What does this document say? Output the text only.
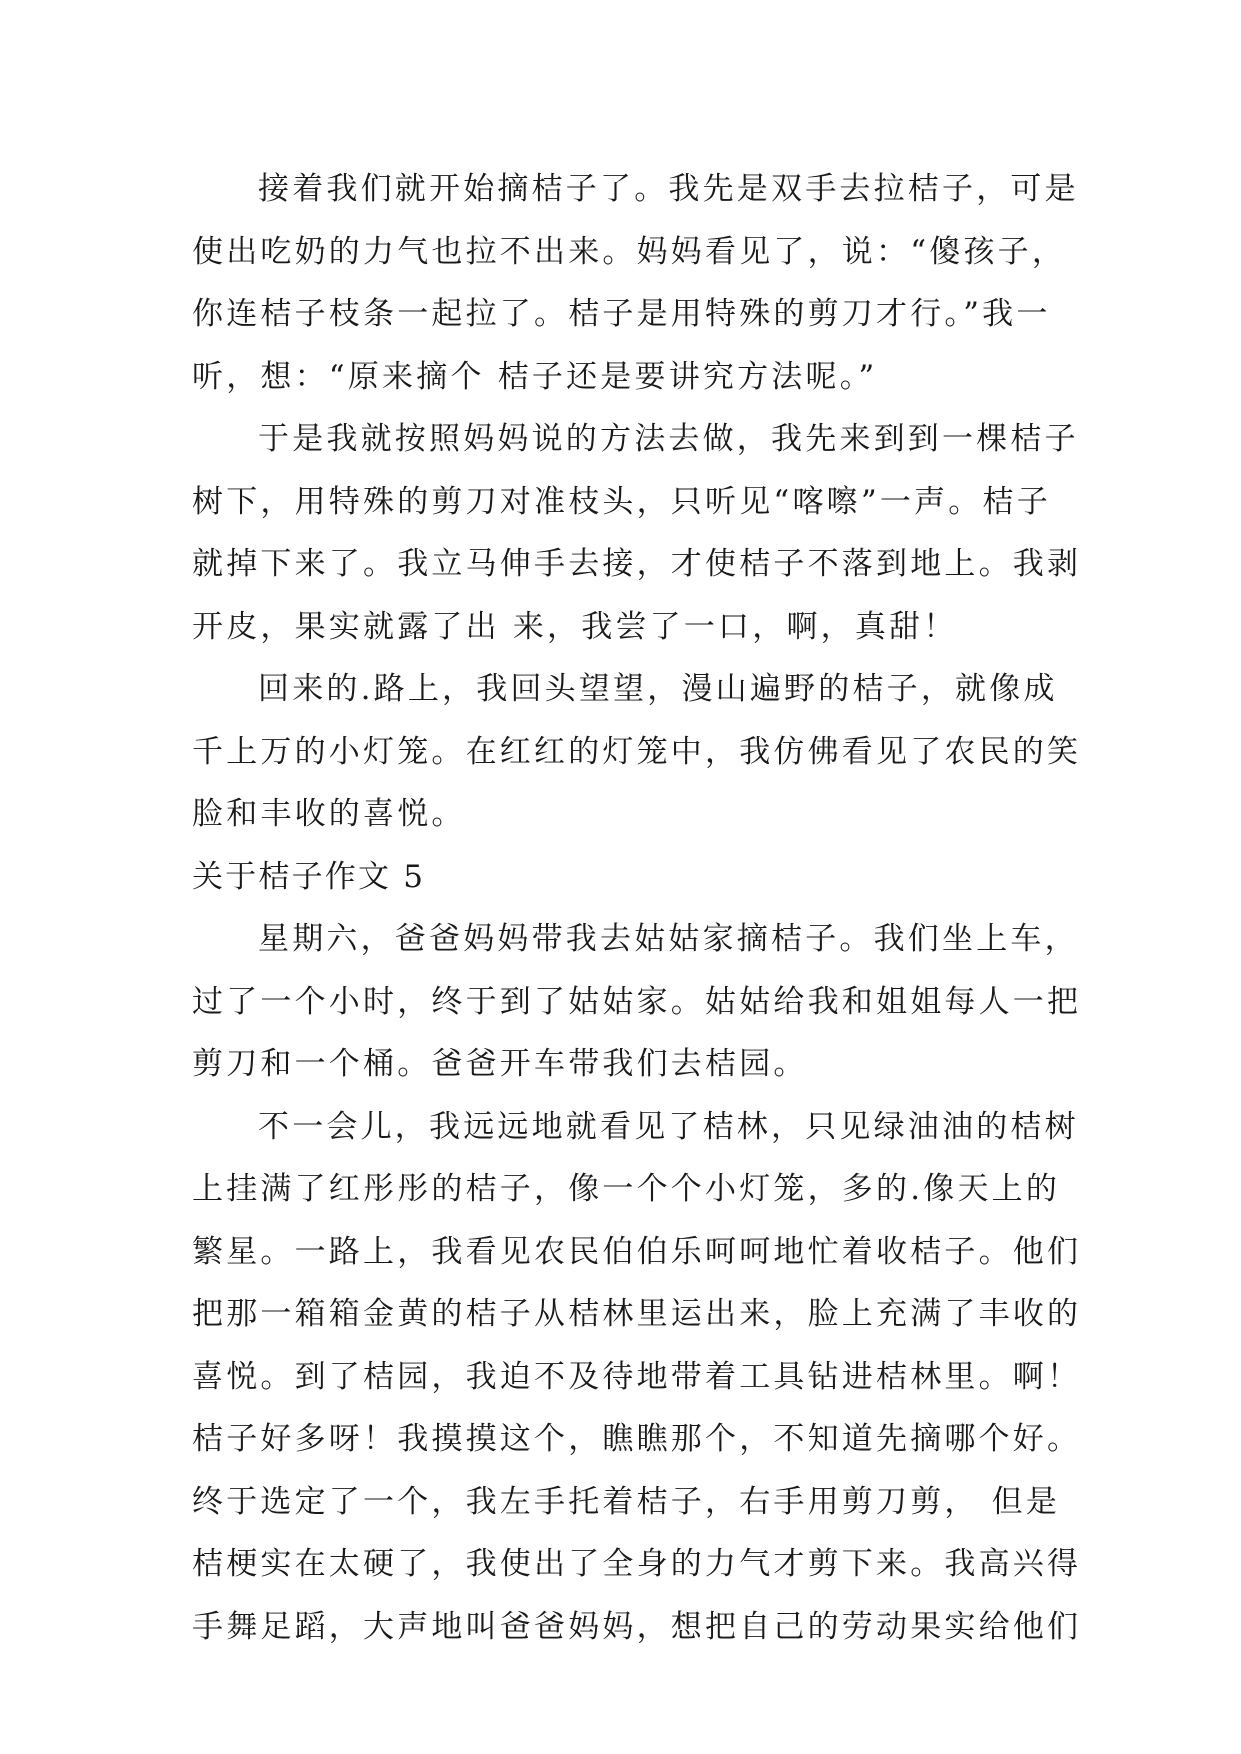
接着我们就开始摘桔子了。我先是双手去拉桔子，可是
使出吃奶的力气也拉不出来。妈妈看见了，说：“傻孩子，
你连桔子枝条一起拉了。桔子是用特殊的剪刀才行。”我一
听，想：“原来摘个 桔子还是要讲究方法呢。”
于是我就按照妈妈说的方法去做，我先来到到一棵桔子
树下，用特殊的剪刀对准枝头，只听见“喀嚓”一声。桔子
就掉下来了。我立马伸手去接，才使桔子不落到地上。我剥
开皮，果实就露了出 来，我尝了一口，啊，真甜！
回来的.路上，我回头望望，漫山遍野的桔子，就像成
千上万的小灯笼。在红红的灯笼中，我仿佛看见了农民的笑
脸和丰收的喜悦。
关于桔子作文 5
星期六，爸爸妈妈带我去姑姑家摘桔子。我们坐上车，
过了一个小时，终于到了姑姑家。姑姑给我和姐姐每人一把
剪刀和一个桶。爸爸开车带我们去桔园。
不一会儿，我远远地就看见了桔林，只见绿油油的桔树
上挂满了红彤彤的桔子，像一个个小灯笼，多的.像天上的
繁星。一路上，我看见农民伯伯乐呵呵地忙着收桔子。他们
把那一箱箱金黄的桔子从桔林里运出来，脸上充满了丰收的
喜悦。到了桔园，我迫不及待地带着工具钻进桔林里。啊！
桔子好多呀！我摸摸这个，瞧瞧那个，不知道先摘哪个好。
终于选定了一个，我左手托着桔子，右手用剪刀剪， 但是
桔梗实在太硬了，我使出了全身的力气才剪下来。我高兴得
手舞足蹈，大声地叫爸爸妈妈，想把自己的劳动果实给他们
